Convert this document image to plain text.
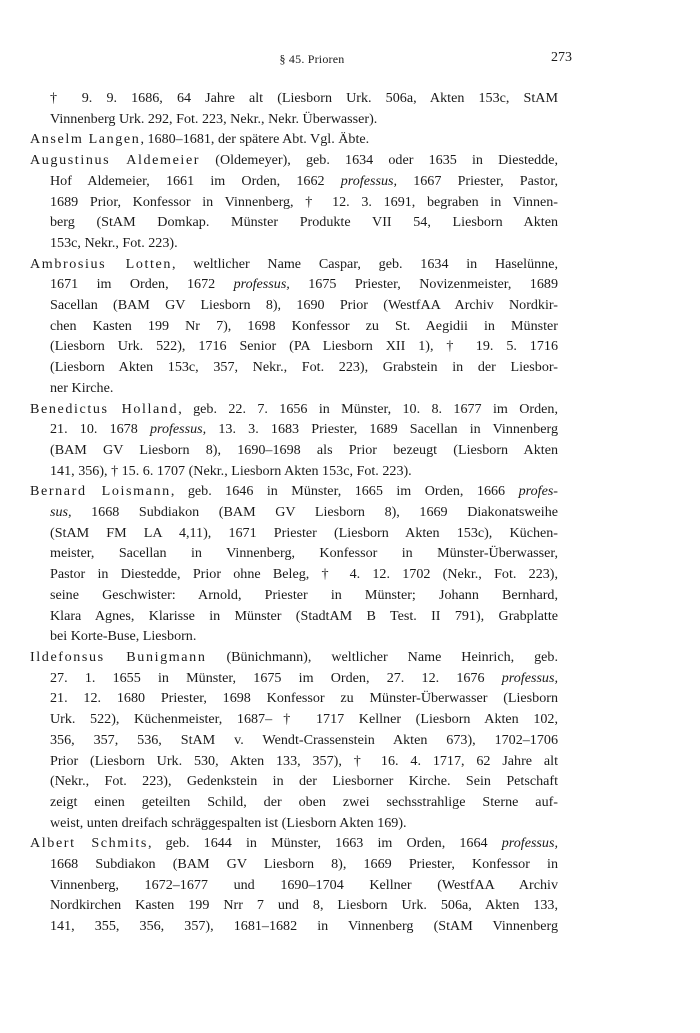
§ 45. Prioren	273
† 9. 9. 1686, 64 Jahre alt (Liesborn Urk. 506a, Akten 153c, StAM
Vinnenberg Urk. 292, Fot. 223, Nekr., Nekr. Überwasser).
Anselm Langen, 1680–1681, der spätere Abt. Vgl. Äbte.
Augustinus Aldemeier (Oldemeyer), geb. 1634 oder 1635 in Diestedde,
Hof Aldemeier, 1661 im Orden, 1662 professus, 1667 Priester, Pastor,
1689 Prior, Konfessor in Vinnenberg, † 12. 3. 1691, begraben in Vinnen-
berg (StAM Domkap. Münster Produkte VII 54, Liesborn Akten
153c, Nekr., Fot. 223).
Ambrosius Lotten, weltlicher Name Caspar, geb. 1634 in Haselünne,
1671 im Orden, 1672 professus, 1675 Priester, Novizenmeister, 1689
Sacellan (BAM GV Liesborn 8), 1690 Prior (WestfAA Archiv Nordkir-
chen Kasten 199 Nr 7), 1698 Konfessor zu St. Aegidii in Münster
(Liesborn Urk. 522), 1716 Senior (PA Liesborn XII 1), † 19. 5. 1716
(Liesborn Akten 153c, 357, Nekr., Fot. 223), Grabstein in der Liesbor-
ner Kirche.
Benedictus Holland, geb. 22. 7. 1656 in Münster, 10. 8. 1677 im Orden,
21. 10. 1678 professus, 13. 3. 1683 Priester, 1689 Sacellan in Vinnenberg
(BAM GV Liesborn 8), 1690–1698 als Prior bezeugt (Liesborn Akten
141, 356), † 15. 6. 1707 (Nekr., Liesborn Akten 153c, Fot. 223).
Bernard Loismann, geb. 1646 in Münster, 1665 im Orden, 1666 profes-
sus, 1668 Subdiakon (BAM GV Liesborn 8), 1669 Diakonatsweihe
(StAM FM LA 4,11), 1671 Priester (Liesborn Akten 153c), Küchen-
meister, Sacellan in Vinnenberg, Konfessor in Münster-Überwasser,
Pastor in Diestedde, Prior ohne Beleg, † 4. 12. 1702 (Nekr., Fot. 223),
seine Geschwister: Arnold, Priester in Münster; Johann Bernhard,
Klara Agnes, Klarisse in Münster (StadtAM B Test. II 791), Grabplatte
bei Korte-Buse, Liesborn.
Ildefonsus Bunigmann (Bünichmann), weltlicher Name Heinrich, geb.
27. 1. 1655 in Münster, 1675 im Orden, 27. 12. 1676 professus,
21. 12. 1680 Priester, 1698 Konfessor zu Münster-Überwasser (Liesborn
Urk. 522), Küchenmeister, 1687–† 1717 Kellner (Liesborn Akten 102,
356, 357, 536, StAM v. Wendt-Crassenstein Akten 673), 1702–1706
Prior (Liesborn Urk. 530, Akten 133, 357), † 16. 4. 1717, 62 Jahre alt
(Nekr., Fot. 223), Gedenkstein in der Liesborner Kirche. Sein Petschaft
zeigt einen geteilten Schild, der oben zwei sechsstrahlige Sterne auf-
weist, unten dreifach schräggespalten ist (Liesborn Akten 169).
Albert Schmits, geb. 1644 in Münster, 1663 im Orden, 1664 professus,
1668 Subdiakon (BAM GV Liesborn 8), 1669 Priester, Konfessor in
Vinnenberg, 1672–1677 und 1690–1704 Kellner (WestfAA Archiv
Nordkirchen Kasten 199 Nrr 7 und 8, Liesborn Urk. 506a, Akten 133,
141, 355, 356, 357), 1681–1682 in Vinnenberg (StAM Vinnenberg
